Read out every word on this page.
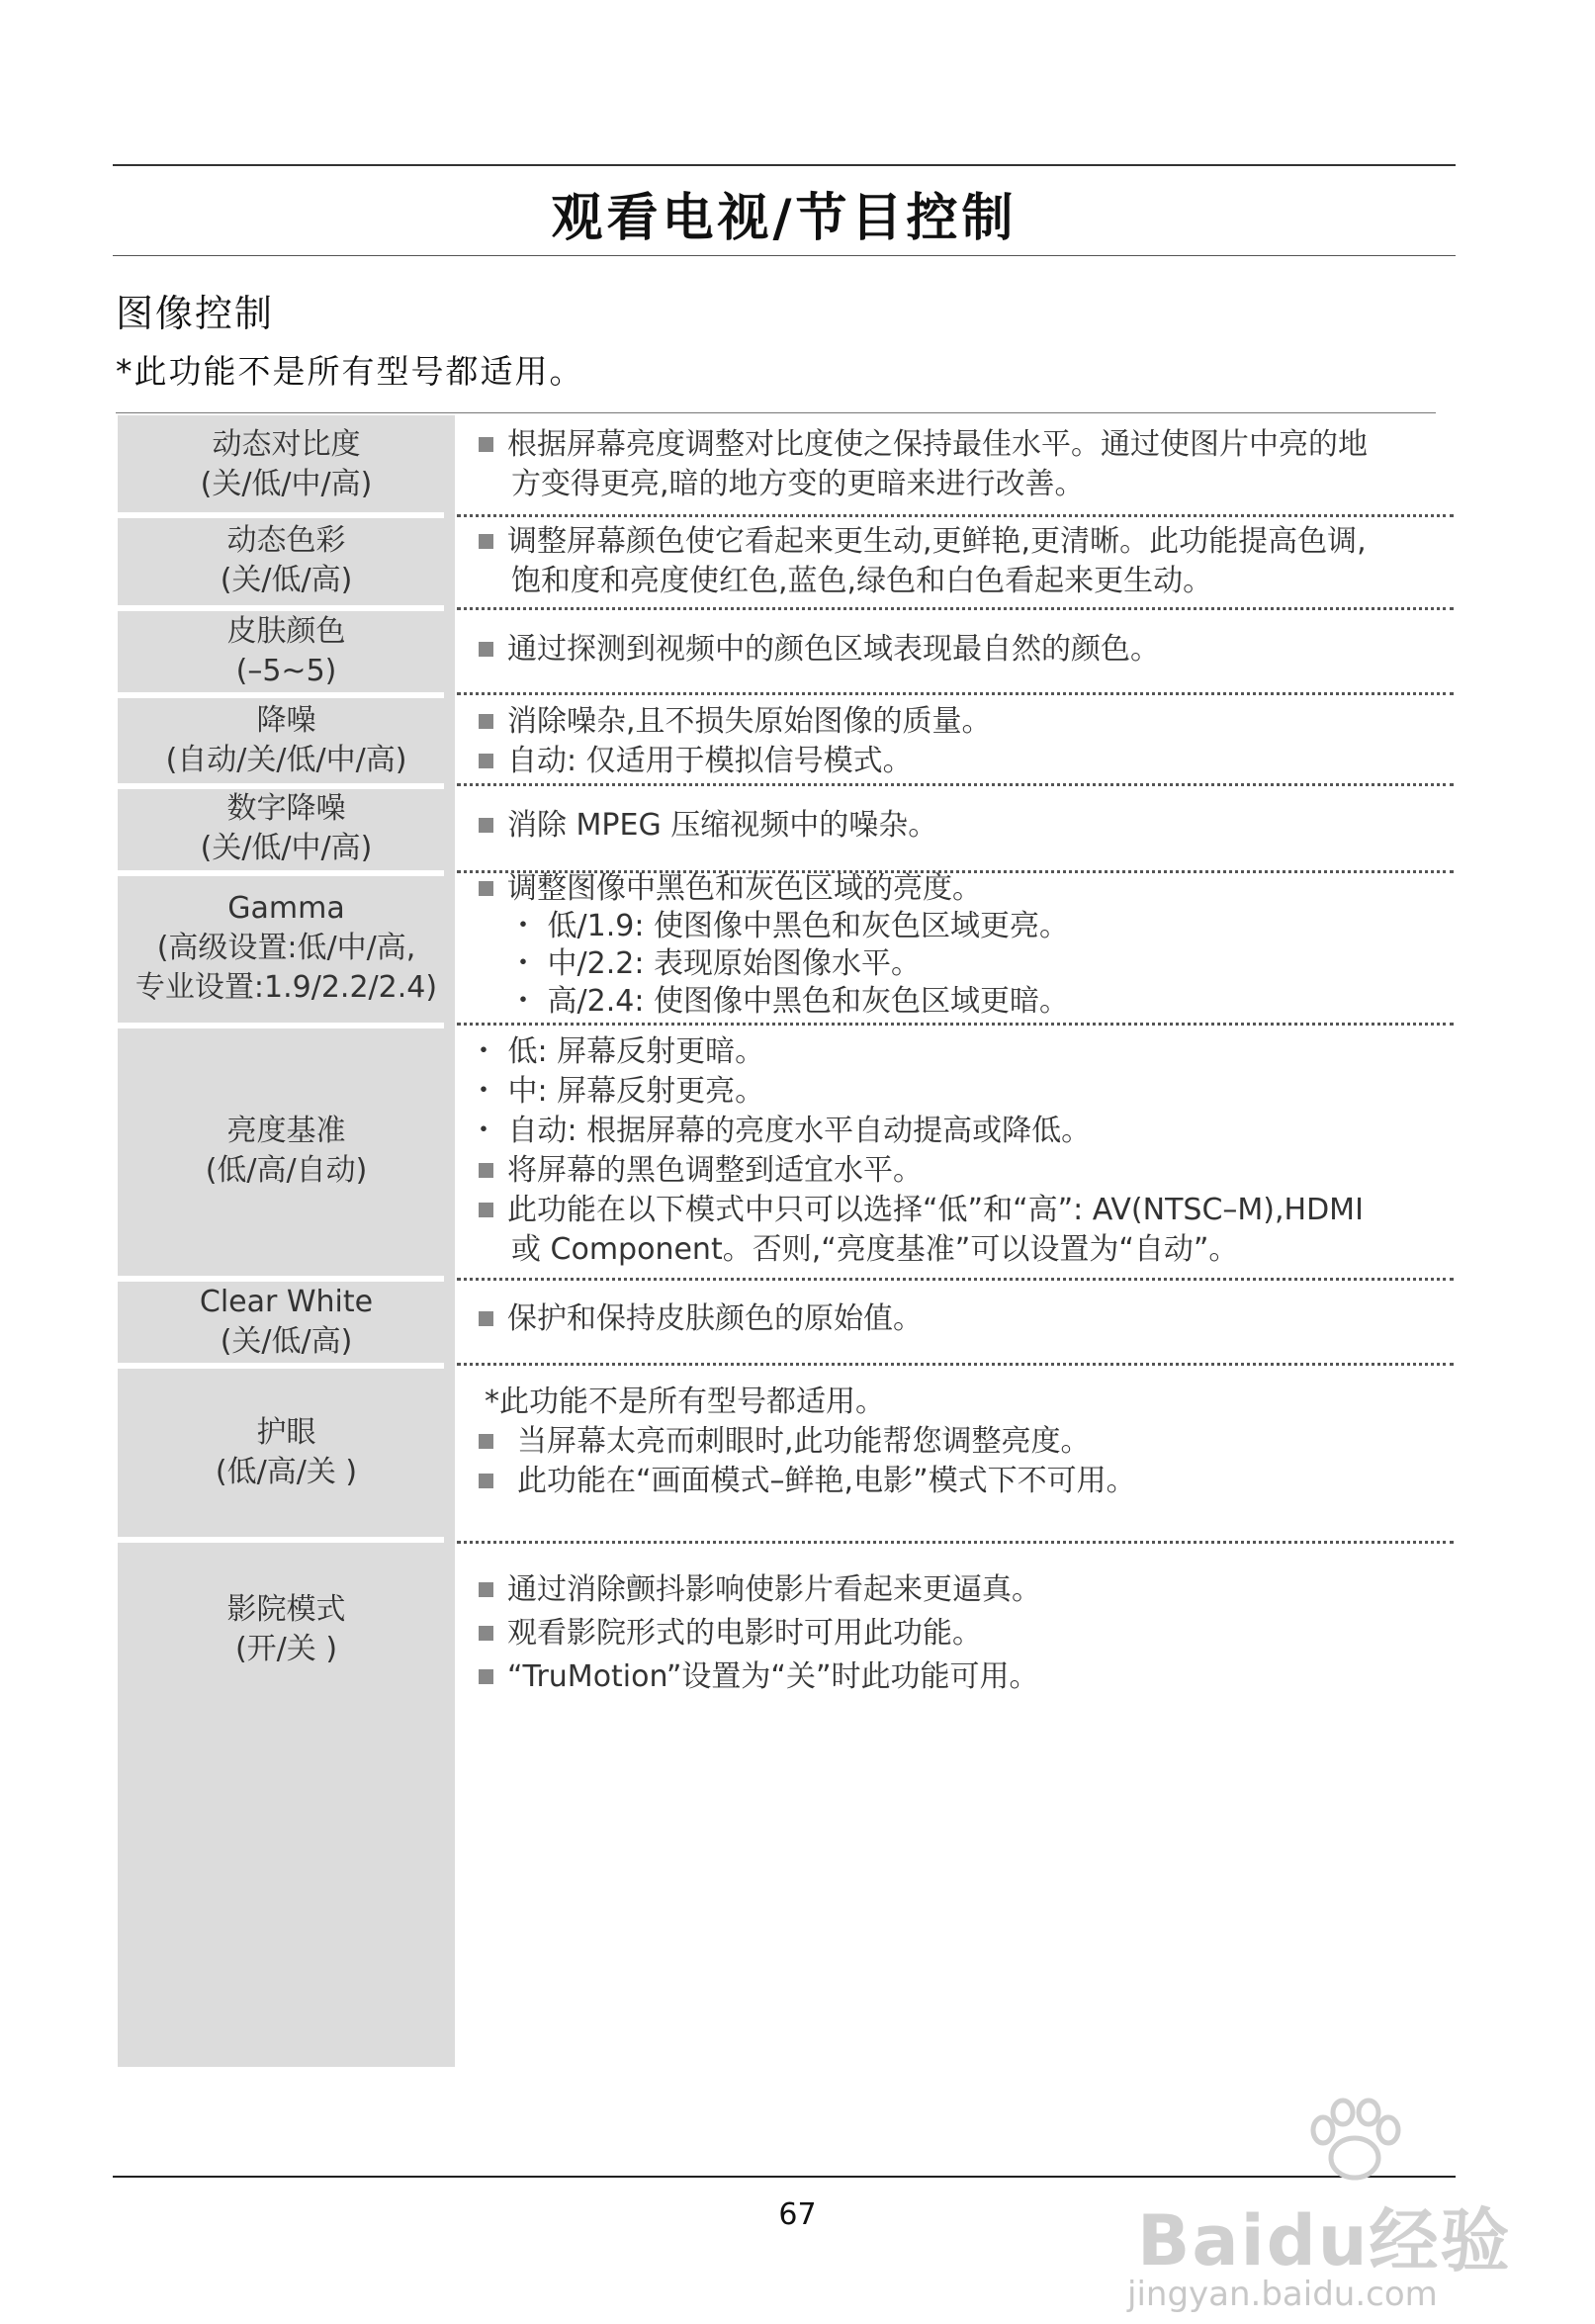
观看电视/节目控制
图像控制
*此功能不是所有型号都适用。
动态对比度
(关/低/中/高)
根据屏幕亮度调整对比度使之保持最佳水平。通过使图片中亮的地
方变得更亮,暗的地方变的更暗来进行改善。
动态色彩
(关/低/高)
调整屏幕颜色使它看起来更生动,更鲜艳,更清晰。此功能提高色调,
饱和度和亮度使红色,蓝色,绿色和白色看起来更生动。
皮肤颜色
(–5~5)
通过探测到视频中的颜色区域表现最自然的颜色。
降噪
(自动/关/低/中/高)
消除噪杂,且不损失原始图像的质量。
自动: 仅适用于模拟信号模式。
数字降噪
(关/低/中/高)
消除 MPEG 压缩视频中的噪杂。
Gamma
(高级设置:低/中/高,
专业设置:1.9/2.2/2.4)
调整图像中黑色和灰色区域的亮度。
・ 低/1.9: 使图像中黑色和灰色区域更亮。
・ 中/2.2: 表现原始图像水平。
・ 高/2.4: 使图像中黑色和灰色区域更暗。
亮度基准
(低/高/自动)
・ 低: 屏幕反射更暗。
・ 中: 屏幕反射更亮。
・ 自动: 根据屏幕的亮度水平自动提高或降低。
将屏幕的黑色调整到适宜水平。
此功能在以下模式中只可以选择“低”和“高”: AV(NTSC–M),HDMI
或 Component。否则,“亮度基准”可以设置为“自动”。
Clear White
(关/低/高)
保护和保持皮肤颜色的原始值。
护眼
(低/高/关 )
*此功能不是所有型号都适用。
当屏幕太亮而刺眼时,此功能帮您调整亮度。
此功能在“画面模式–鲜艳,电影”模式下不可用。
影院模式
(开/关 )
通过消除颤抖影响使影片看起来更逼真。
观看影院形式的电影时可用此功能。
“TruMotion”设置为“关”时此功能可用。
67	Baidu经验
jingyan.baidu.com
